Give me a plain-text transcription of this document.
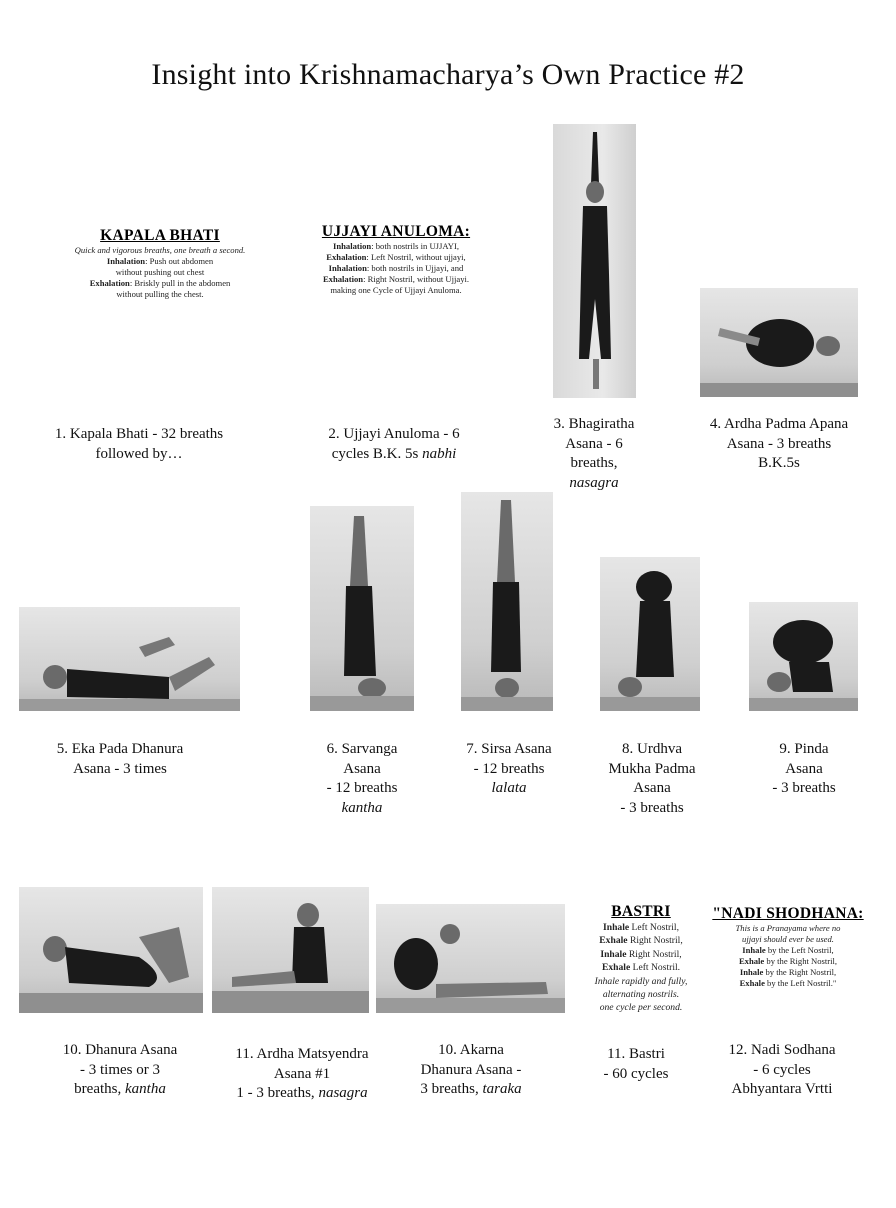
Insight into Krishnamacharya’s Own Practice #2
KAPALA BHATI
Quick and vigorous breaths, one breath a second.
Inhalation: Push out abdomen
without pushing out chest
Exhalation: Briskly pull in the abdomen
without pulling the chest.
UJJAYI ANULOMA:
Inhalation: both nostrils in UJJAYI,
Exhalation: Left Nostril, without ujjayi,
Inhalation: both nostrils in Ujjayi, and
Exhalation: Right Nostril, without Ujjayi.
making one Cycle of Ujjayi Anuloma.
BASTRI
Inhale Left Nostril,
Exhale Right Nostril,
Inhale Right Nostril,
Exhale Left Nostril.
Inhale rapidly and fully,
alternating nostrils.
one cycle per second.
"NADI SHODHANA:
This is a Pranayama where no
ujjayi should ever be used.
Inhale by the Left Nostril,
Exhale by the Right Nostril,
Inhale by the Right Nostril,
Exhale by the Left Nostril."
1. Kapala Bhati - 32 breaths
followed by…
2. Ujjayi Anuloma - 6
cycles B.K. 5s nabhi
3. Bhagiratha
Asana - 6
breaths,
nasagra
4. Ardha Padma Apana
Asana - 3 breaths
B.K.5s
5. Eka Pada Dhanura
Asana - 3 times
6. Sarvanga
Asana
- 12 breaths
kantha
7. Sirsa Asana
- 12 breaths
lalata
8. Urdhva
Mukha Padma
Asana
- 3 breaths
9. Pinda
Asana
- 3 breaths
10. Dhanura Asana
- 3 times or 3
breaths, kantha
11. Ardha Matsyendra
Asana #1
1 - 3 breaths, nasagra
10. Akarna
Dhanura Asana -
3 breaths, taraka
11. Bastri
- 60 cycles
12. Nadi Sodhana
- 6 cycles
Abhyantara Vrtti
